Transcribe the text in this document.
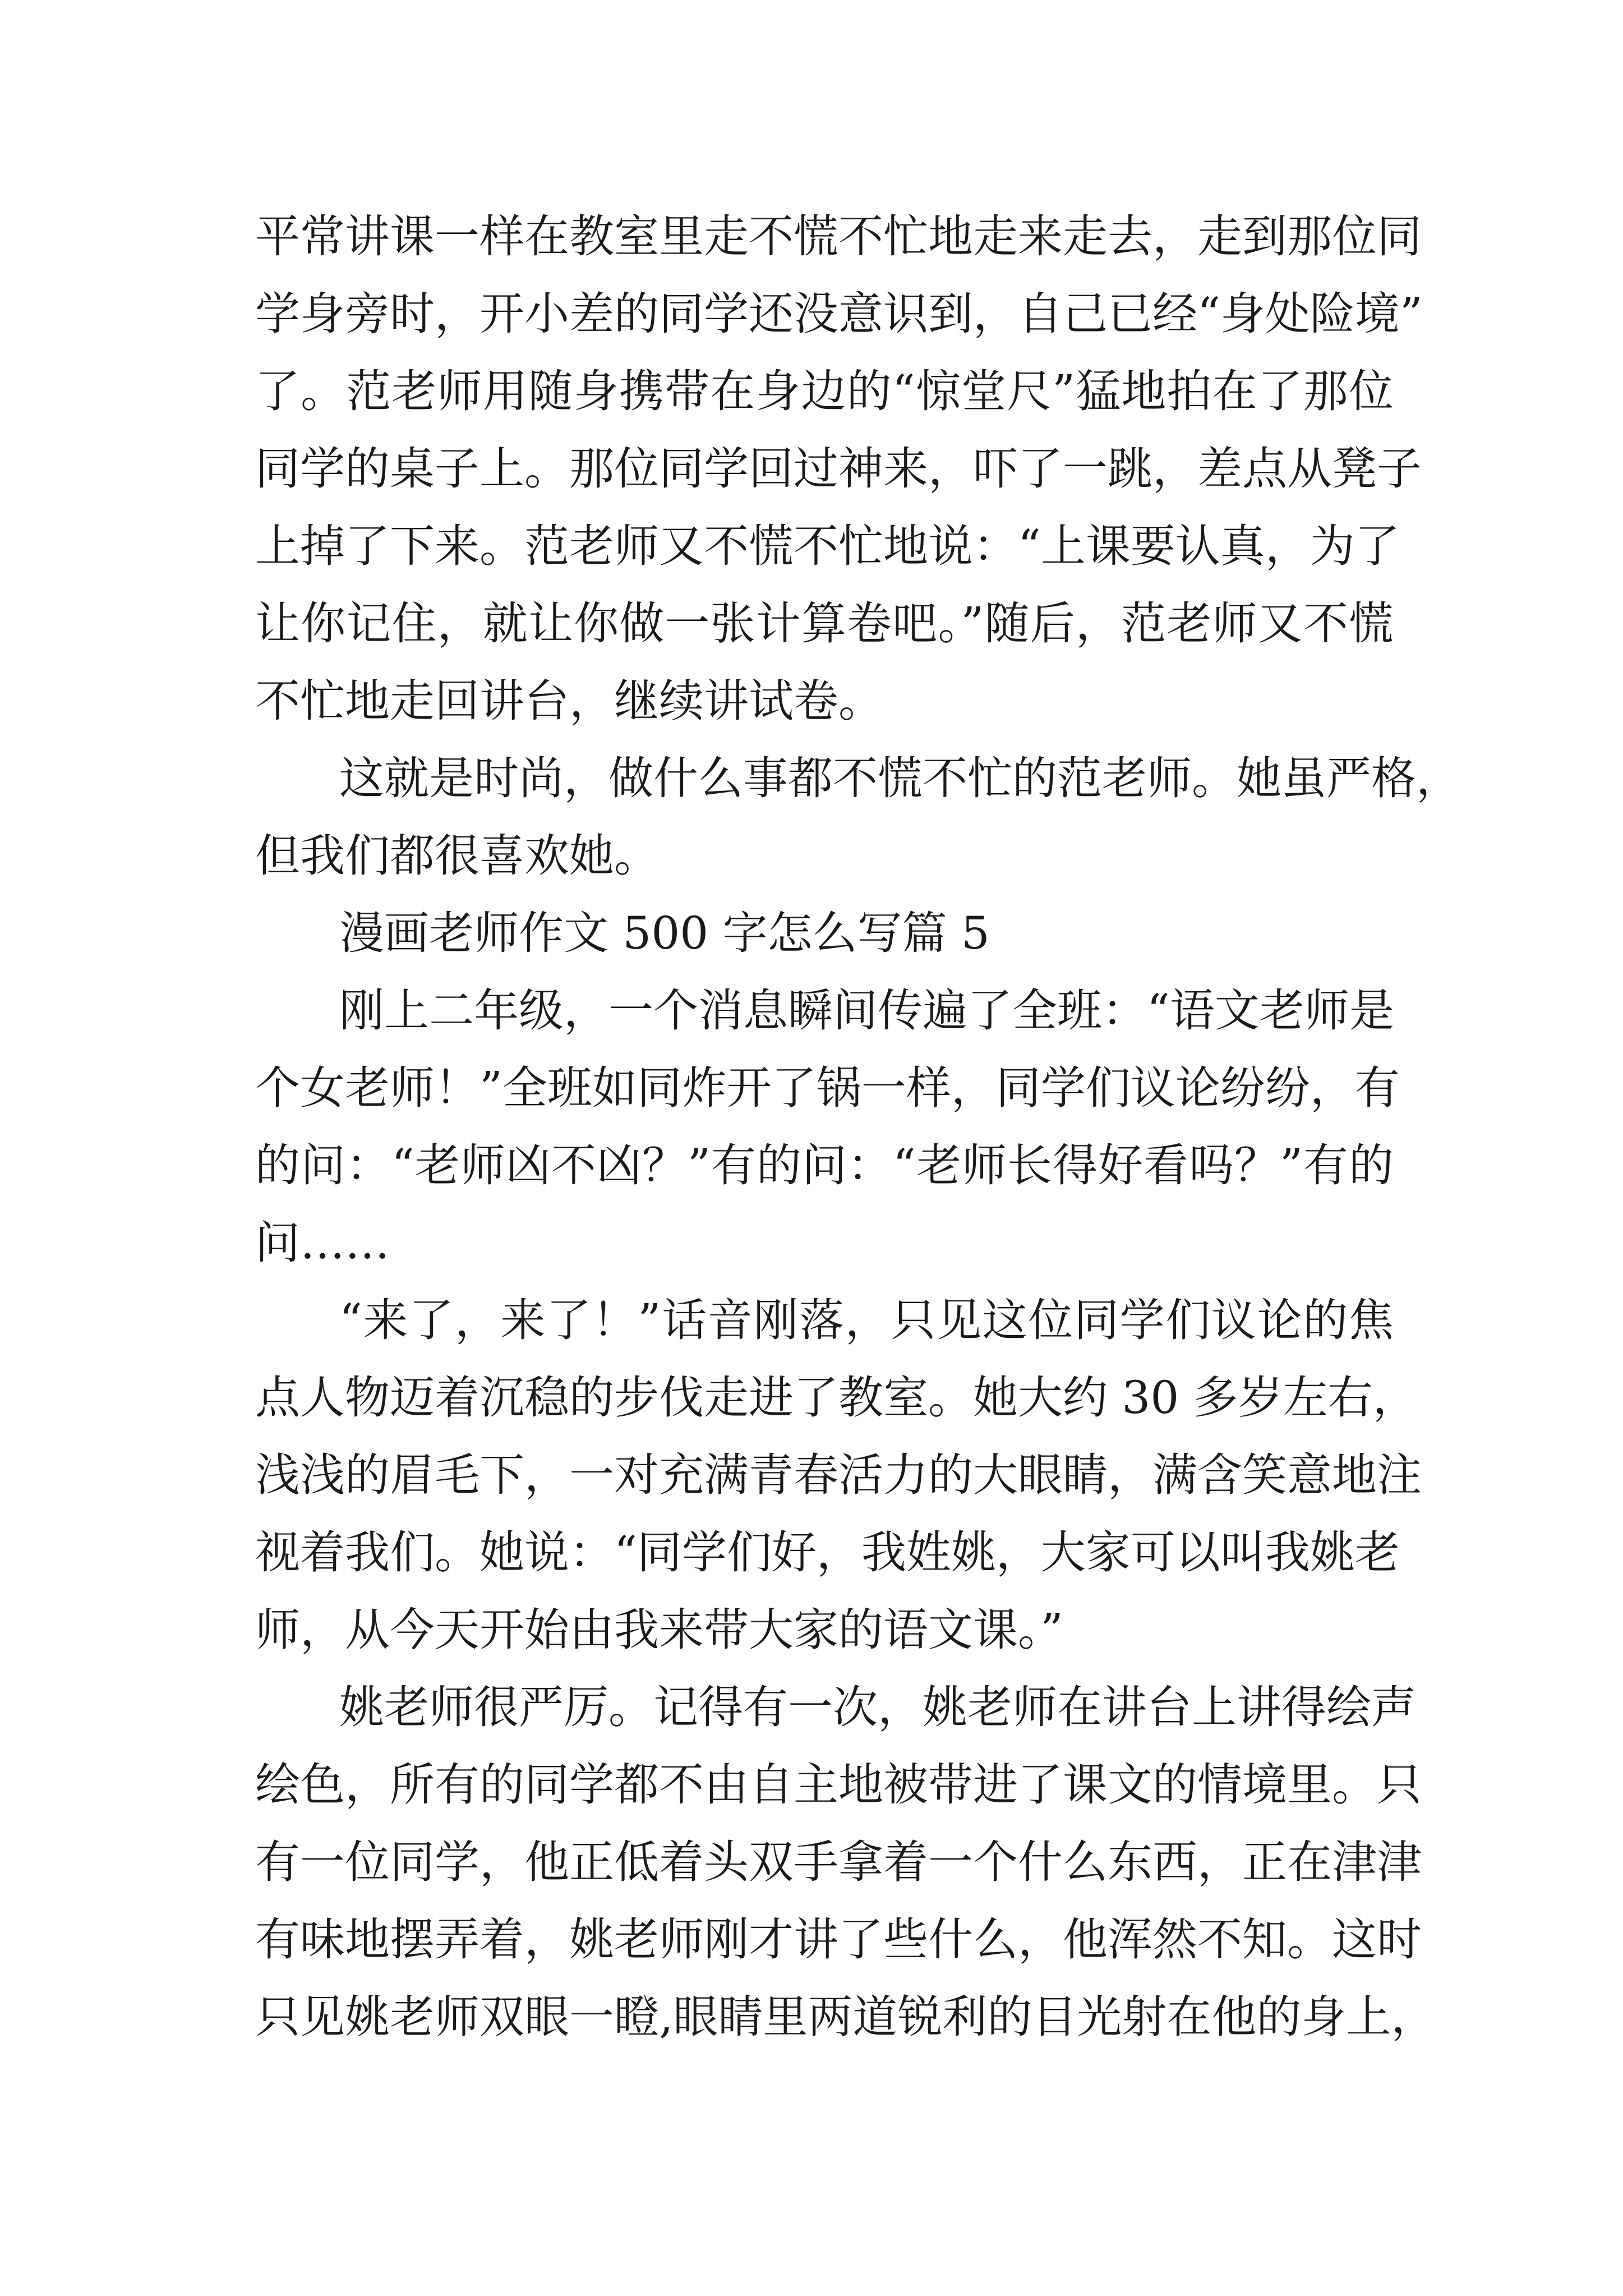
平常讲课一样在教室里走不慌不忙地走来走去，走到那位同
学身旁时，开小差的同学还没意识到，自己已经“身处险境”
了。范老师用随身携带在身边的“惊堂尺”猛地拍在了那位
同学的桌子上。那位同学回过神来，吓了一跳，差点从凳子
上掉了下来。范老师又不慌不忙地说：“上课要认真，为了
让你记住，就让你做一张计算卷吧。”随后，范老师又不慌
不忙地走回讲台，继续讲试卷。
这就是时尚，做什么事都不慌不忙的范老师。她虽严格，
但我们都很喜欢她。
漫画老师作文 500 字怎么写篇 5
刚上二年级，一个消息瞬间传遍了全班：“语文老师是
个女老师！”全班如同炸开了锅一样，同学们议论纷纷，有
的问：“老师凶不凶？”有的问：“老师长得好看吗？”有的
问……
“来了，来了！”话音刚落，只见这位同学们议论的焦
点人物迈着沉稳的步伐走进了教室。她大约 30 多岁左右，
浅浅的眉毛下，一对充满青春活力的大眼睛，满含笑意地注
视着我们。她说：“同学们好，我姓姚，大家可以叫我姚老
师，从今天开始由我来带大家的语文课。”
姚老师很严厉。记得有一次，姚老师在讲台上讲得绘声
绘色，所有的同学都不由自主地被带进了课文的情境里。只
有一位同学，他正低着头双手拿着一个什么东西，正在津津
有味地摆弄着，姚老师刚才讲了些什么，他浑然不知。这时
只见姚老师双眼一瞪,眼睛里两道锐利的目光射在他的身上，
